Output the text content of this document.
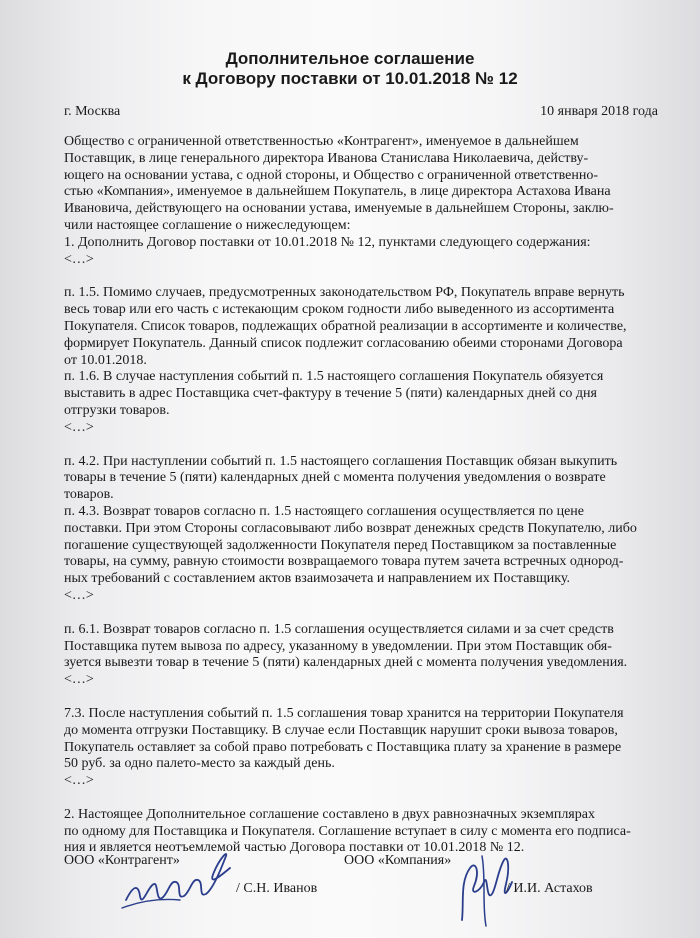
Дополнительное соглашение
к Договору поставки от 10.01.2018 № 12
г. Москва	10 января 2018 года
Общество с ограниченной ответственностью «Контрагент», именуемое в дальнейшем
Поставщик, в лице генерального директора Иванова Станислава Николаевича, действу-
ющего на основании устава, с одной стороны, и Общество с ограниченной ответственно-
стью «Компания», именуемое в дальнейшем Покупатель, в лице директора Астахова Ивана
Ивановича, действующего на основании устава, именуемые в дальнейшем Стороны, заклю-
чили настоящее соглашение о нижеследующем:
1. Дополнить Договор поставки от 10.01.2018 № 12, пунктами следующего содержания:
<…>
п. 1.5. Помимо случаев, предусмотренных законодательством РФ, Покупатель вправе вернуть
весь товар или его часть с истекающим сроком годности либо выведенного из ассортимента
Покупателя. Список товаров, подлежащих обратной реализации в ассортименте и количестве,
формирует Покупатель. Данный список подлежит согласованию обеими сторонами Договора
от 10.01.2018.
п. 1.6. В случае наступления событий п. 1.5 настоящего соглашения Покупатель обязуется
выставить в адрес Поставщика счет-фактуру в течение 5 (пяти) календарных дней со дня
отгрузки товаров.
<…>
п. 4.2. При наступлении событий п. 1.5 настоящего соглашения Поставщик обязан выкупить
товары в течение 5 (пяти) календарных дней с момента получения уведомления о возврате
товаров.
п. 4.3. Возврат товаров согласно п. 1.5 настоящего соглашения осуществляется по цене
поставки. При этом Стороны согласовывают либо возврат денежных средств Покупателю, либо
погашение существующей задолженности Покупателя перед Поставщиком за поставленные
товары, на сумму, равную стоимости возвращаемого товара путем зачета встречных однород-
ных требований с составлением актов взаимозачета и направлением их Поставщику.
<…>
п. 6.1. Возврат товаров согласно п. 1.5 соглашения осуществляется силами и за счет средств
Поставщика путем вывоза по адресу, указанному в уведомлении. При этом Поставщик обя-
зуется вывезти товар в течение 5 (пяти) календарных дней с момента получения уведомления.
<…>
7.3. После наступления событий п. 1.5 соглашения товар хранится на территории Покупателя
до момента отгрузки Поставщику. В случае если Поставщик нарушит сроки вывоза товаров,
Покупатель оставляет за собой право потребовать с Поставщика плату за хранение в размере
50 руб. за одно палето-место за каждый день.
<…>
2. Настоящее Дополнительное соглашение составлено в двух равнозначных экземплярах
по одному для Поставщика и Покупателя. Соглашение вступает в силу с момента его подписа-
ния и является неотъемлемой частью Договора поставки от 10.01.2018 № 12.
ООО «Контрагент»
/ С.Н. Иванов
ООО «Компания»
/ И.И. Астахов
